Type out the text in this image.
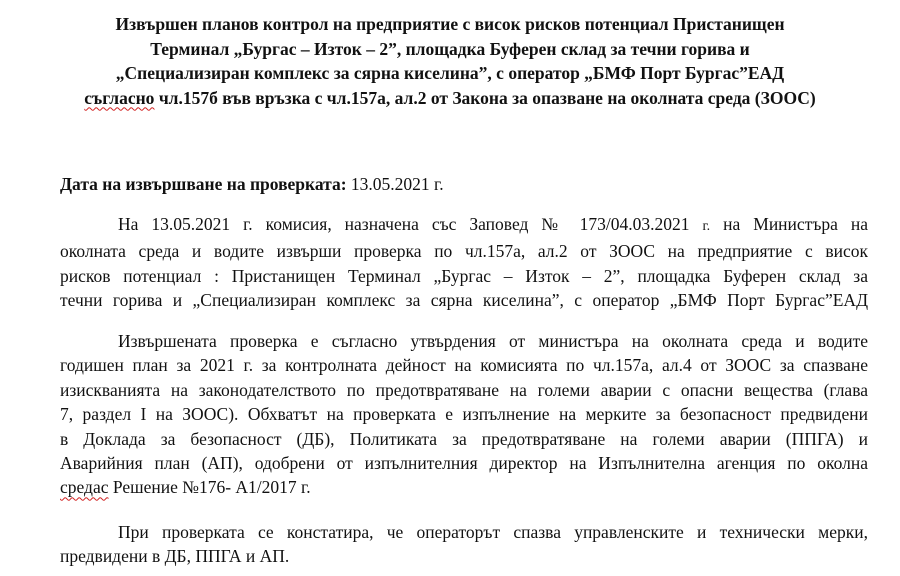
Извършен планов контрол на предприятие с висок рисков потенциал Пристанищен
Терминал „Бургас – Изток – 2”, площадка Буферен склад за течни горива и
„Специализиран комплекс за сярна киселина”, с оператор „БМФ Порт Бургас”ЕАД
съгласно чл.157б във връзка с чл.157а, ал.2 от Закона за опазване на околната среда (ЗООС)
Дата на извършване на проверката: 13.05.2021 г.
На 13.05.2021 г. комисия, назначена със Заповед № 173/04.03.2021 г. на Министъра на
околната среда и водите извърши проверка по чл.157а, ал.2 от ЗООС на предприятие с висок
рисков потенциал : Пристанищен Терминал „Бургас – Изток – 2”, площадка Буферен склад за
течни горива и „Специализиран комплекс за сярна киселина”, с оператор „БМФ Порт Бургас”ЕАД
Извършената проверка е съгласно утвърдения от министъра на околната среда и водите
годишен план за 2021 г. за контролната дейност на комисията по чл.157а, ал.4 от ЗООС за спазване
изискванията на законодателството по предотвратяване на големи аварии с опасни вещества (глава
7, раздел I на ЗООС). Обхватът на проверката е изпълнение на мерките за безопасност предвидени
в Доклада за безопасност (ДБ), Политиката за предотвратяване на големи аварии (ППГА) и
Аварийния план (АП), одобрени от изпълнителния директор на Изпълнителна агенция по околна
средаc Решение №176- А1/2017 г.
При проверката се констатира, че операторът спазва управленските и технически мерки,
предвидени в ДБ, ППГА и АП.
